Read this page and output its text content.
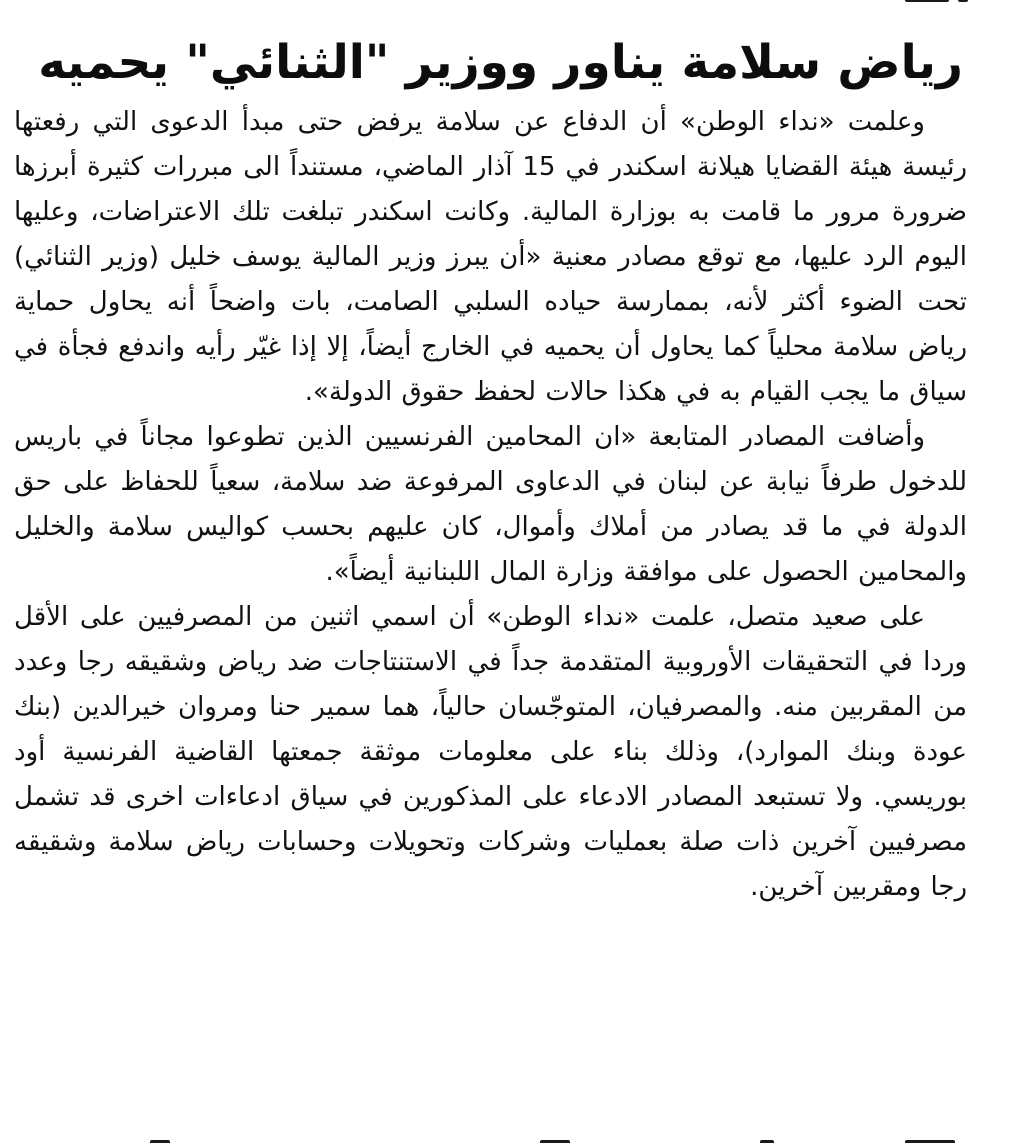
رياض سلامة يناور ووزير "الثنائي" يحميه

وعلمت «نداء الوطن» أن الدفاع عن سلامة يرفض حتى مبدأ الدعوى التي رفعتها رئيسة هيئة القضايا هيلانة اسكندر في 15 آذار الماضي، مستنداً الى مبررات كثيرة أبرزها ضرورة مرور ما قامت به بوزارة المالية. وكانت اسكندر تبلغت تلك الاعتراضات، وعليها اليوم الرد عليها، مع توقع مصادر معنية «أن يبرز وزير المالية يوسف خليل (وزير الثنائي) تحت الضوء أكثر لأنه، بممارسة حياده السلبي الصامت، بات واضحاً أنه يحاول حماية رياض سلامة محلياً كما يحاول أن يحميه في الخارج أيضاً، إلا إذا غيّر رأيه واندفع فجأة في سياق ما يجب القيام به في هكذا حالات لحفظ حقوق الدولة».

وأضافت المصادر المتابعة «ان المحامين الفرنسيين الذين تطوعوا مجاناً في باريس للدخول طرفاً نيابة عن لبنان في الدعاوى المرفوعة ضد سلامة، سعياً للحفاظ على حق الدولة في ما قد يصادر من أملاك وأموال، كان عليهم بحسب كواليس سلامة والخليل والمحامين الحصول على موافقة وزارة المال اللبنانية أيضاً».

على صعيد متصل، علمت «نداء الوطن» أن اسمي اثنين من المصرفيين على الأقل وردا في التحقيقات الأوروبية المتقدمة جداً في الاستنتاجات ضد رياض وشقيقه رجا وعدد من المقربين منه. والمصرفيان، المتوجّسان حالياً، هما سمير حنا ومروان خيرالدين (بنك عودة وبنك الموارد)، وذلك بناء على معلومات موثقة جمعتها القاضية الفرنسية أود بوريسي. ولا تستبعد المصادر الادعاء على المذكورين في سياق ادعاءات اخرى قد تشمل مصرفيين آخرين ذات صلة بعمليات وشركات وتحويلات وحسابات رياض سلامة وشقيقه رجا ومقربين آخرين.
